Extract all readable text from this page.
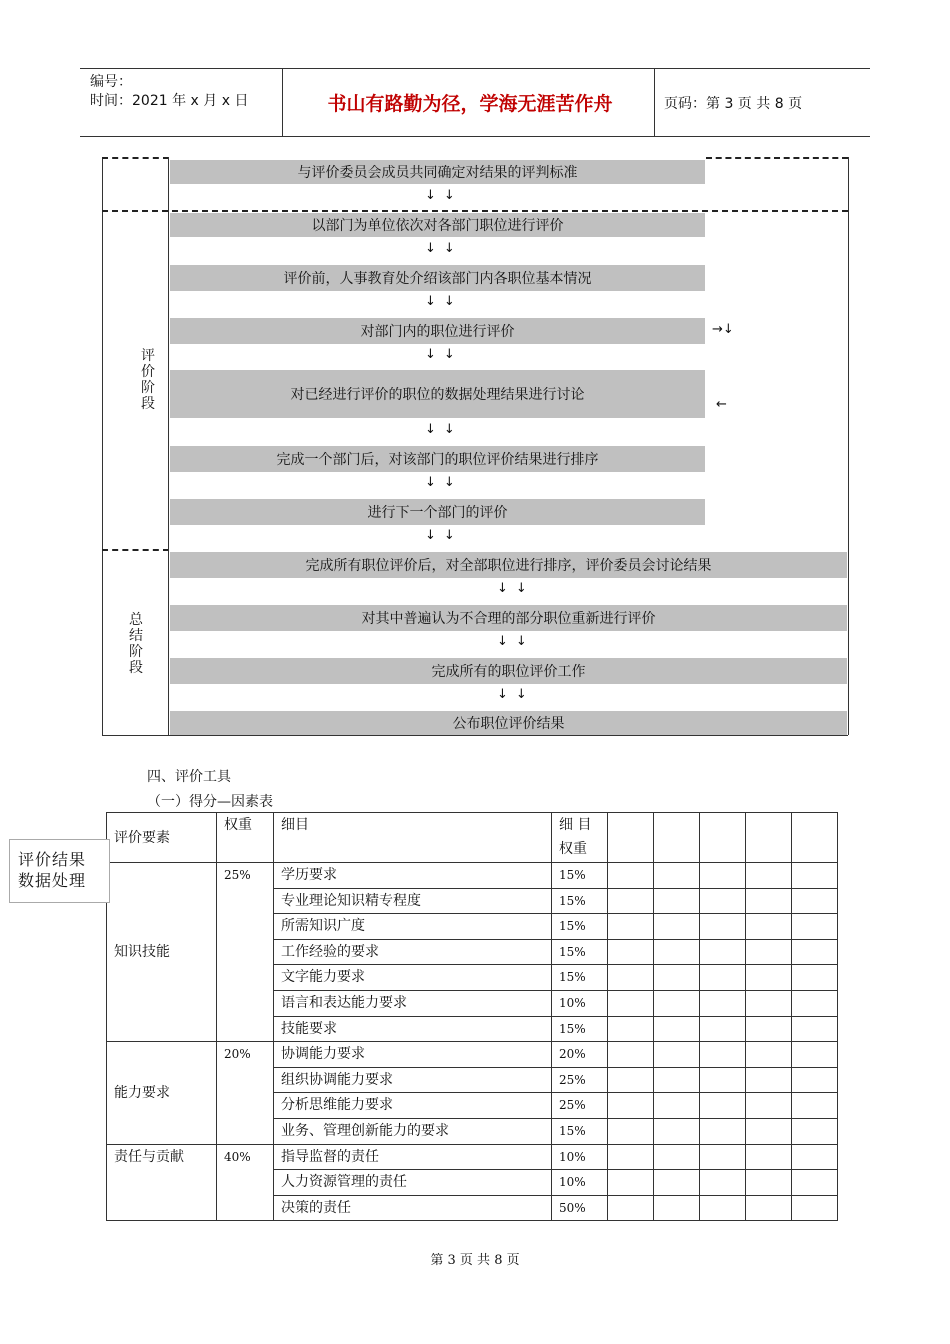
编号：
时间：2021 年 x 月 x 日	书山有路勤为径，学海无涯苦作舟	页码：第 3 页 共 8 页
评
价
阶
段
总
结
阶
段
与评价委员会成员共同确定对结果的评判标准
↓↓
以部门为单位依次对各部门职位进行评价
↓↓
评价前，人事教育处介绍该部门内各职位基本情况
↓↓
对部门内的职位进行评价	→↓
↓↓
对已经进行评价的职位的数据处理结果进行讨论
←
↓↓
完成一个部门后，对该部门的职位评价结果进行排序
↓↓
进行下一个部门的评价
↓↓
完成所有职位评价后，对全部职位进行排序，评价委员会讨论结果
↓↓
对其中普遍认为不合理的部分职位重新进行评价
↓↓
完成所有的职位评价工作
↓↓
公布职位评价结果
四、评价工具
（一）得分—因素表
评价要素	权重	细目	细 目
权重					
知识技能	25%	学历要求	15%					
		专业理论知识精专程度	15%					
		所需知识广度	15%					
		工作经验的要求	15%					
		文字能力要求	15%					
		语言和表达能力要求	10%					
		技能要求	15%					
能力要求	20%	协调能力要求	20%					
		组织协调能力要求	25%					
		分析思维能力要求	25%					
		业务、管理创新能力的要求	15%					
责任与贡献	40%	指导监督的责任	10%					
		人力资源管理的责任	10%					
		决策的责任	50%					
评价结果数据处理
第 3 页 共 8 页
